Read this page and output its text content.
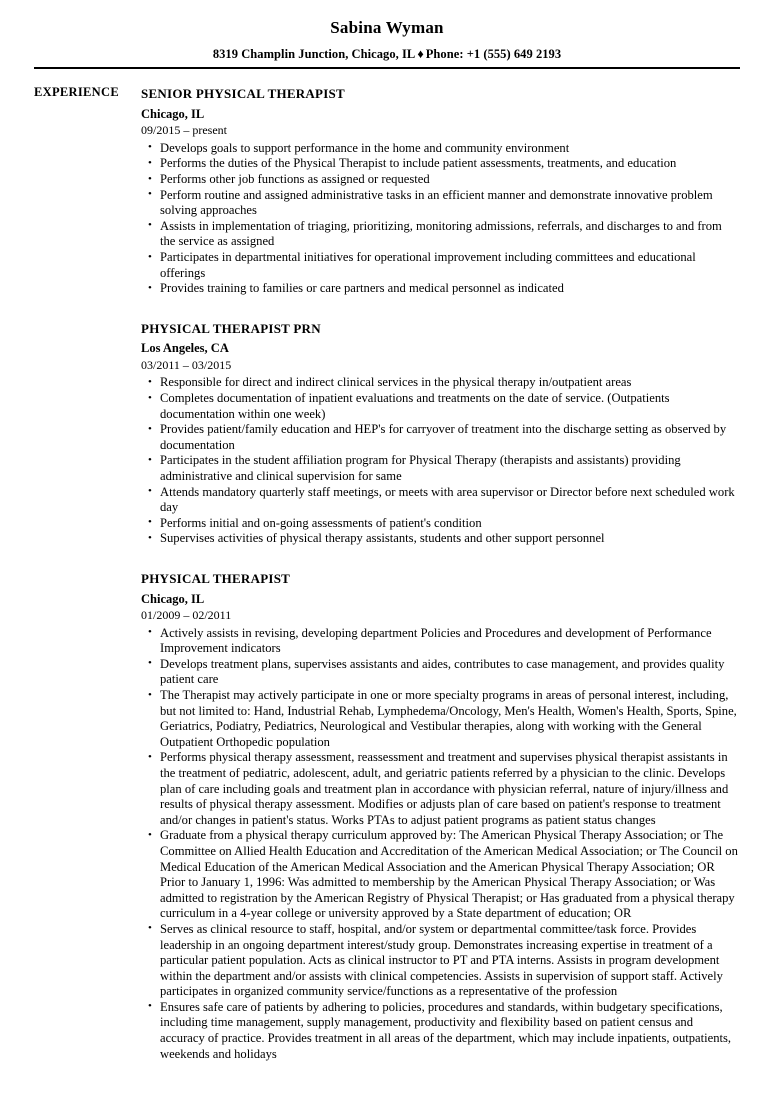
Sabina Wyman
8319 Champlin Junction, Chicago, IL ♦ Phone: +1 (555) 649 2193
EXPERIENCE	SENIOR PHYSICAL THERAPIST
Chicago, IL
09/2015 – present
• Develops goals to support performance in the home and community environment
• Performs the duties of the Physical Therapist to include patient assessments, treatments, and education
• Performs other job functions as assigned or requested
• Perform routine and assigned administrative tasks in an efficient manner and demonstrate innovative problem solving approaches
• Assists in implementation of triaging, prioritizing, monitoring admissions, referrals, and discharges to and from the service as assigned
• Participates in departmental initiatives for operational improvement including committees and educational offerings
• Provides training to families or care partners and medical personnel as indicated
PHYSICAL THERAPIST PRN
Los Angeles, CA
03/2011 – 03/2015
• Responsible for direct and indirect clinical services in the physical therapy in/outpatient areas
• Completes documentation of inpatient evaluations and treatments on the date of service. (Outpatients documentation within one week)
• Provides patient/family education and HEP's for carryover of treatment into the discharge setting as observed by documentation
• Participates in the student affiliation program for Physical Therapy (therapists and assistants) providing administrative and clinical supervision for same
• Attends mandatory quarterly staff meetings, or meets with area supervisor or Director before next scheduled work day
• Performs initial and on-going assessments of patient's condition
• Supervises activities of physical therapy assistants, students and other support personnel
PHYSICAL THERAPIST
Chicago, IL
01/2009 – 02/2011
• Actively assists in revising, developing department Policies and Procedures and development of Performance Improvement indicators
• Develops treatment plans, supervises assistants and aides, contributes to case management, and provides quality patient care
• The Therapist may actively participate in one or more specialty programs in areas of personal interest, including, but not limited to: Hand, Industrial Rehab, Lymphedema/Oncology, Men's Health, Women's Health, Sports, Spine, Geriatrics, Podiatry, Pediatrics, Neurological and Vestibular therapies, along with working with the General Outpatient Orthopedic population
• Performs physical therapy assessment, reassessment and treatment and supervises physical therapist assistants in the treatment of pediatric, adolescent, adult, and geriatric patients referred by a physician to the clinic. Develops plan of care including goals and treatment plan in accordance with physician referral, nature of injury/illness and results of physical therapy assessment. Modifies or adjusts plan of care based on patient's response to treatment and/or changes in patient's status. Works PTAs to adjust patient programs as patient status changes
• Graduate from a physical therapy curriculum approved by: The American Physical Therapy Association; or The Committee on Allied Health Education and Accreditation of the American Medical Association; or The Council on Medical Education of the American Medical Association and the American Physical Therapy Association; OR Prior to January 1, 1996: Was admitted to membership by the American Physical Therapy Association; or Was admitted to registration by the American Registry of Physical Therapist; or Has graduated from a physical therapy curriculum in a 4-year college or university approved by a State department of education; OR
• Serves as clinical resource to staff, hospital, and/or system or departmental committee/task force. Provides leadership in an ongoing department interest/study group. Demonstrates increasing expertise in treatment of a particular patient population. Acts as clinical instructor to PT and PTA interns. Assists in program development within the department and/or assists with clinical competencies. Assists in supervision of support staff. Actively participates in organized community service/functions as a representative of the profession
• Ensures safe care of patients by adhering to policies, procedures and standards, within budgetary specifications, including time management, supply management, productivity and flexibility based on patient census and accuracy of practice. Provides treatment in all areas of the department, which may include inpatients, outpatients, weekends and holidays
